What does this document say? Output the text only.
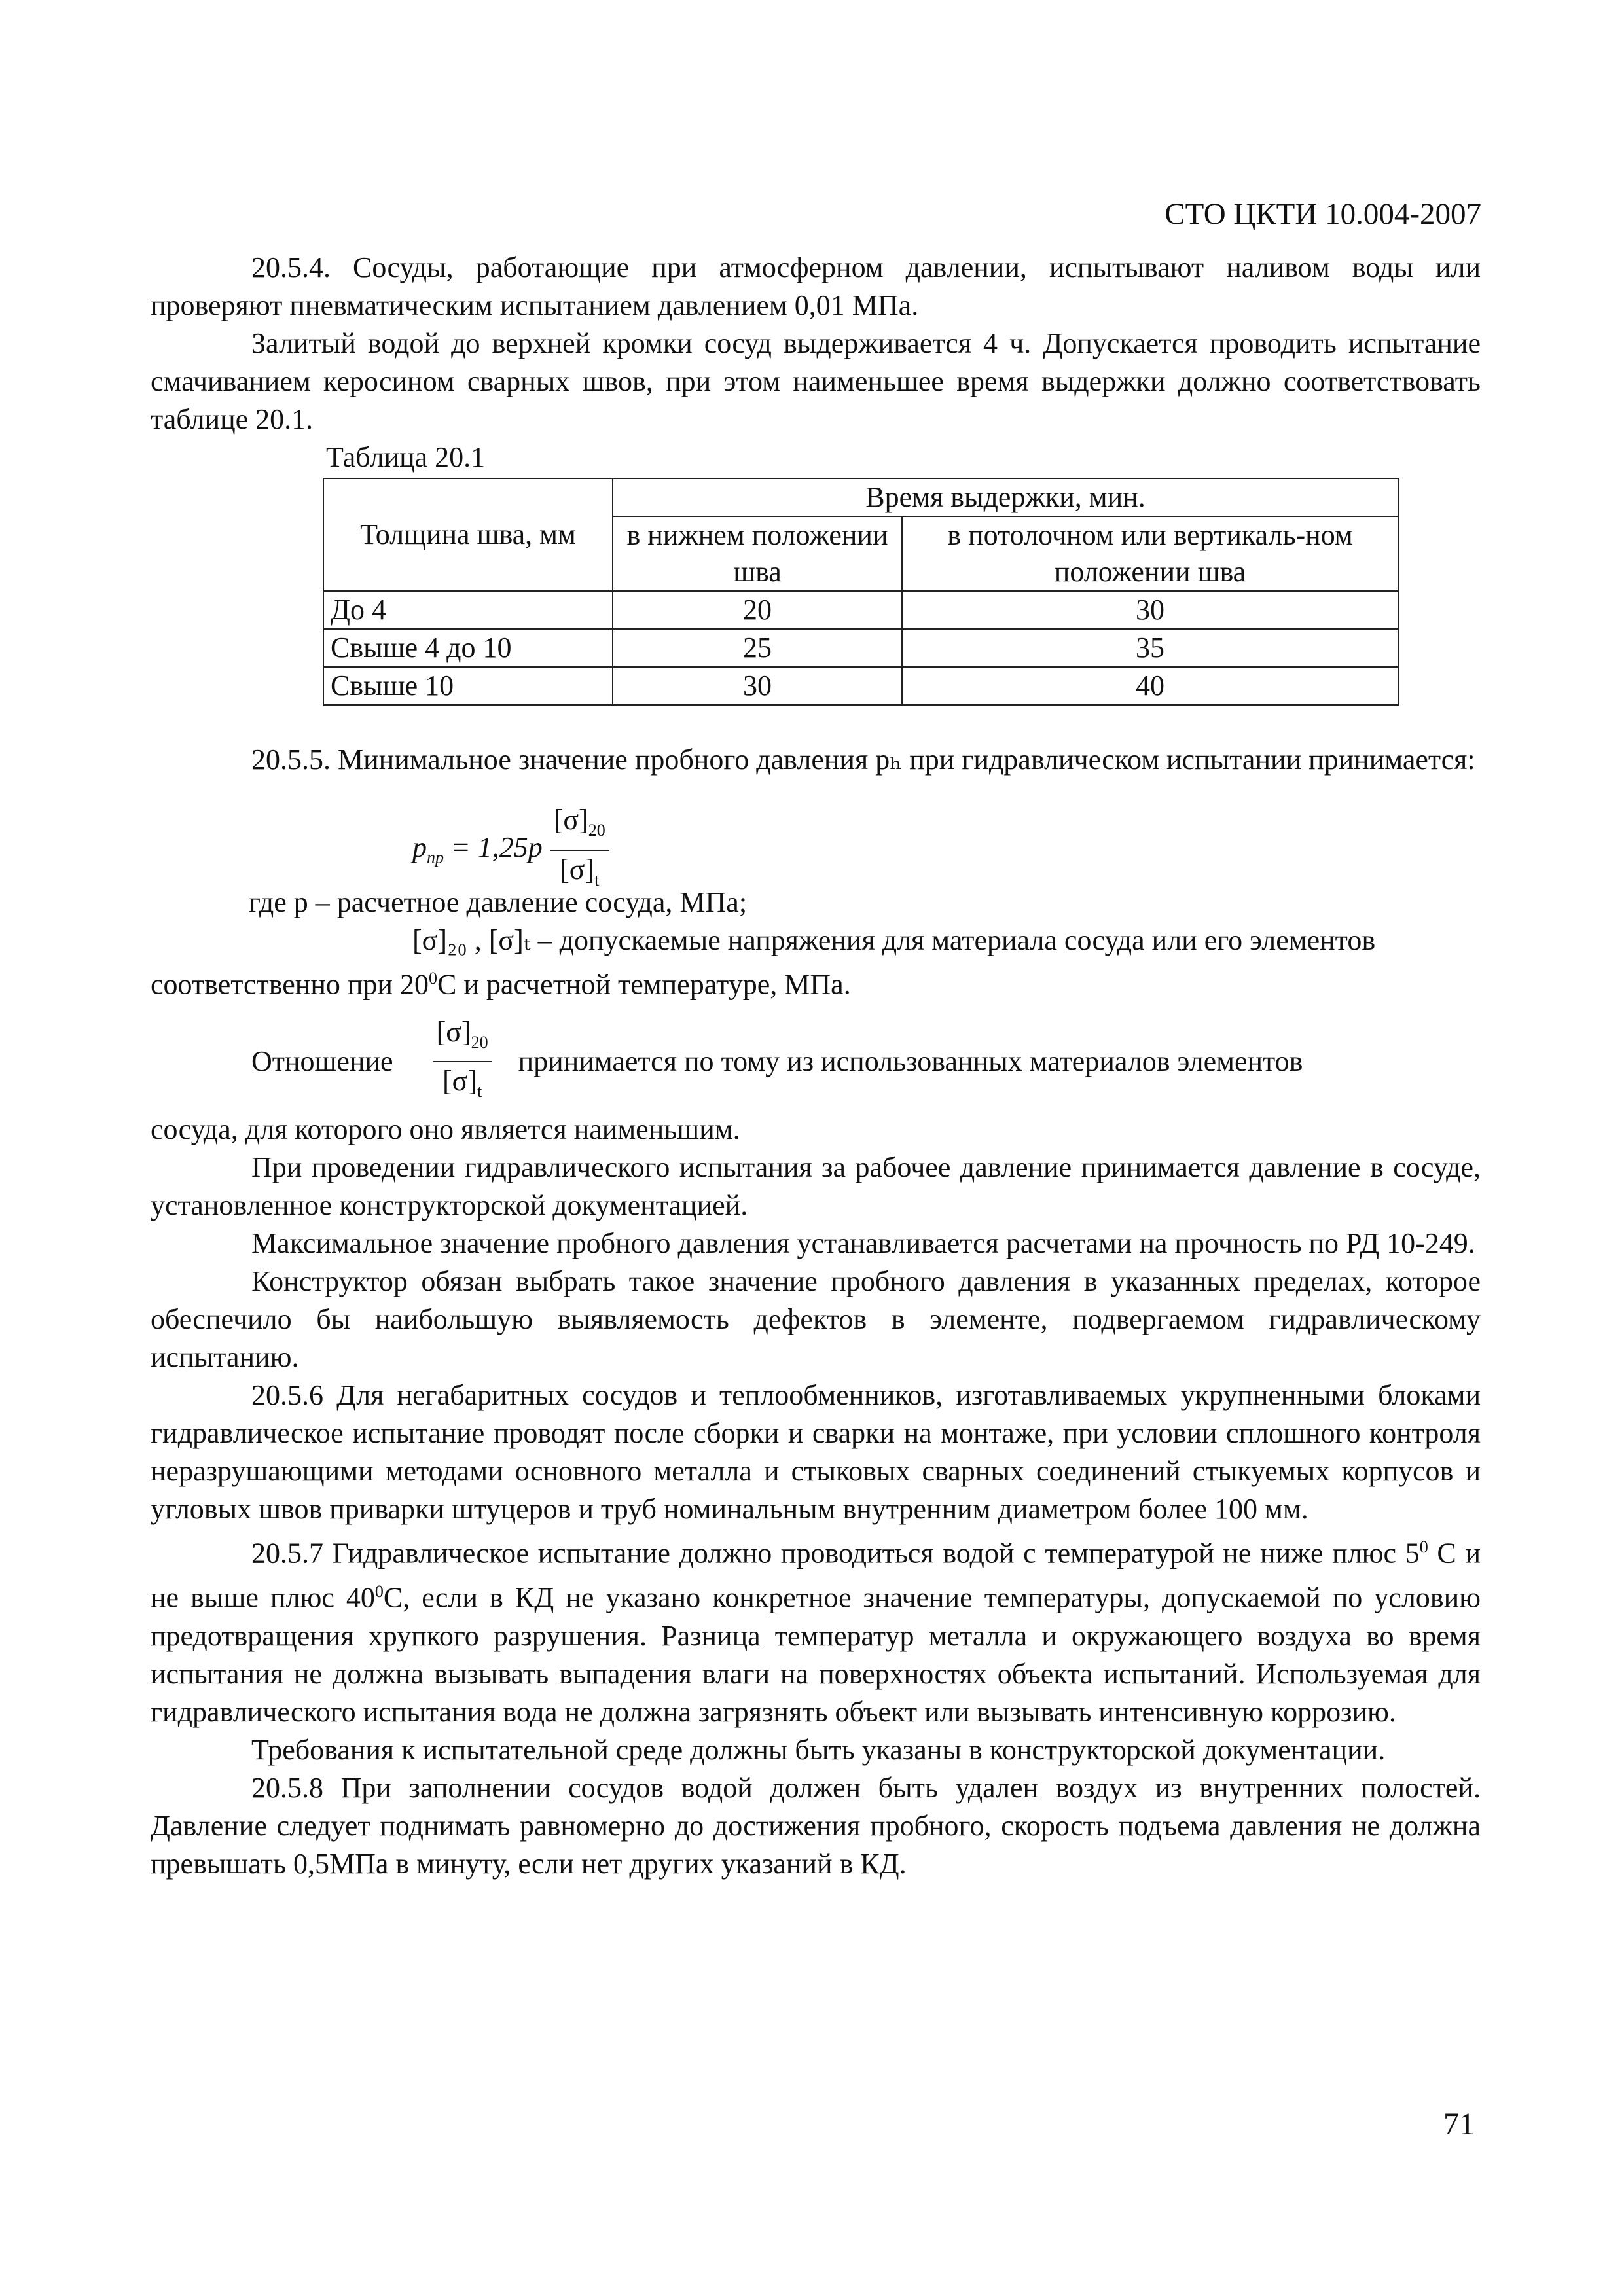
СТО ЦКТИ 10.004-2007

20.5.4. Сосуды, работающие при атмосферном давлении, испытывают наливом воды или проверяют пневматическим испытанием давлением 0,01 МПа.

Залитый водой до верхней кромки сосуд выдерживается 4 ч. Допускается проводить испытание смачиванием керосином сварных швов, при этом наименьшее время выдержки должно соответствовать таблице 20.1.

Таблица 20.1
Толщина шва, мм	Время выдержки, мин.	
	в нижнем положении шва	в потолочном или вертикаль-ном положении шва
До 4	20	30
Свыше 4 до 10	25	35
Свыше 10	30	40

20.5.5. Минимальное значение пробного давления pₕ при гидравлическом испытании принимается:

$p_{пр} = 1,25p \frac{[\sigma]_{20}}{[\sigma]_t}$

где p – расчетное давление сосуда, МПа;

[σ]₂₀ , [σ]ₜ – допускаемые напряжения для материала сосуда или его элементов

соответственно при $20^0С$ и расчетной температуре, МПа.

Отношение $\frac{[\sigma]_{20}}{[\sigma]_t}$ принимается по тому из использованных материалов элементов

сосуда, для которого оно является наименьшим.

При проведении гидравлического испытания за рабочее давление принимается давление в сосуде, установленное конструкторской документацией.

Максимальное значение пробного давления устанавливается расчетами на прочность по РД 10-249.

Конструктор обязан выбрать такое значение пробного давления в указанных пределах, которое обеспечило бы наибольшую выявляемость дефектов в элементе, подвергаемом гидравлическому испытанию.

20.5.6 Для негабаритных сосудов и теплообменников, изготавливаемых укрупненными блоками гидравлическое испытание проводят после сборки и сварки на монтаже, при условии сплошного контроля неразрушающими методами основного металла и стыковых сварных соединений стыкуемых корпусов и угловых швов приварки штуцеров и труб номинальным внутренним диаметром более 100 мм.

20.5.7 Гидравлическое испытание должно проводиться водой с температурой не ниже плюс $5^0$ С и не выше плюс $40^0С$, если в КД не указано конкретное значение температуры, допускаемой по условию предотвращения хрупкого разрушения. Разница температур металла и окружающего воздуха во время испытания не должна вызывать выпадения влаги на поверхностях объекта испытаний. Используемая для гидравлического испытания вода не должна загрязнять объект или вызывать интенсивную коррозию.

Требования к испытательной среде должны быть указаны в конструкторской документации.

20.5.8 При заполнении сосудов водой должен быть удален воздух из внутренних полостей. Давление следует поднимать равномерно до достижения пробного, скорость подъема давления не должна превышать 0,5МПа в минуту, если нет других указаний в КД.

71
